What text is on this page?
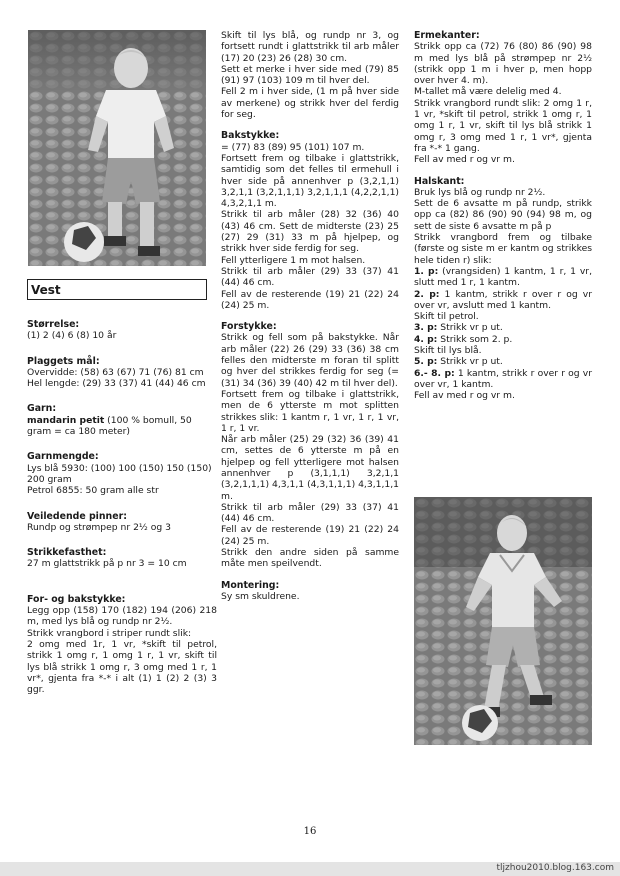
Vest
Størrelse:

(1) 2 (4) 6 (8) 10 år

Plaggets mål:

Overvidde: (58) 63 (67) 71 (76) 81 cm

Hel lengde: (29) 33 (37) 41 (44) 46 cm

Garn:

mandarin petit (100 % bomull, 50 gram = ca 180 meter)

Garnmengde:

Lys blå 5930: (100) 100 (150) 150 (150) 200 gram

Petrol 6855: 50 gram alle str

Veiledende pinner:

Rundp og strømpep nr 2½ og 3

Strikkefasthet:

27 m glattstrikk på p nr 3 = 10 cm

For- og bakstykke:

Legg opp (158) 170 (182) 194 (206) 218 m, med lys blå og rundp nr 2½.

Strikk vrangbord i striper rundt slik:

2 omg med 1r, 1 vr, *skift til petrol, strikk 1 omg r, 1 omg 1 r, 1 vr, skift til lys blå strikk 1 omg r, 3 omg med 1 r, 1 vr*, gjenta fra *-* i alt (1) 1 (2) 2 (3) 3 ggr.

Skift til lys blå, og rundp nr 3, og fortsett rundt i glattstrikk til arb måler (17) 20 (23) 26 (28) 30 cm.

Sett et merke i hver side med (79) 85 (91) 97 (103) 109 m til hver del.

Fell 2 m i hver side, (1 m på hver side av merkene) og strikk hver del ferdig for seg.

Bakstykke:

= (77) 83 (89) 95 (101) 107 m.

Fortsett frem og tilbake i glattstrikk, samtidig som det felles til ermehull i hver side på annenhver p (3,2,1,1) 3,2,1,1 (3,2,1,1,1) 3,2,1,1,1 (4,2,2,1,1) 4,3,2,1,1 m.

Strikk til arb måler (28) 32 (36) 40 (43) 46 cm. Sett de midterste (23) 25 (27) 29 (31) 33 m på hjelpep, og strikk hver side ferdig for seg.

Fell ytterligere 1 m mot halsen.

Strikk til arb måler (29) 33 (37) 41 (44) 46 cm.

Fell av de resterende (19) 21 (22) 24 (24) 25 m.

Forstykke:

Strikk og fell som på bakstykke. Når arb måler (22) 26 (29) 33 (36) 38 cm felles den midterste m foran til splitt og hver del strikkes ferdig for seg (= (31) 34 (36) 39 (40) 42 m til hver del).

Fortsett frem og tilbake i glattstrikk, men de 6 ytterste m mot splitten strikkes slik: 1 kantm r, 1 vr, 1 r, 1 vr, 1 r, 1 vr.

Når arb måler (25) 29 (32) 36 (39) 41 cm, settes de 6 ytterste m på en hjelpep og fell ytterligere mot halsen annenhver p (3,1,1,1) 3,2,1,1 (3,2,1,1,1) 4,3,1,1 (4,3,1,1,1) 4,3,1,1,1 m.

Strikk til arb måler (29) 33 (37) 41 (44) 46 cm.

Fell av de resterende (19) 21 (22) 24 (24) 25 m.

Strikk den andre siden på samme måte men speilvendt.

Montering:

Sy sm skuldrene.

Ermekanter:

Strikk opp ca (72) 76 (80) 86 (90) 98 m med lys blå på strømpep nr 2½ (strikk opp 1 m i hver p, men hopp over hver 4. m).

M-tallet må være delelig med 4.

Strikk vrangbord rundt slik: 2 omg 1 r, 1 vr, *skift til petrol, strikk 1 omg r, 1 omg 1 r, 1 vr, skift til lys blå strikk 1 omg r, 3 omg med 1 r, 1 vr*, gjenta fra *-* 1 gang.

Fell av med r og vr m.

Halskant:

Bruk lys blå og rundp nr 2½.

Sett de 6 avsatte m på rundp, strikk opp ca (82) 86 (90) 90 (94) 98 m, og sett de siste 6 avsatte m på p

Strikk vrangbord frem og tilbake (første og siste m er kantm og strikkes hele tiden r) slik:

1. p: (vrangsiden) 1 kantm, 1 r, 1 vr, slutt med 1 r, 1 kantm.

2. p: 1 kantm, strikk r over r og vr over vr, avslutt med 1 kantm.

Skift til petrol.

3. p: Strikk vr p ut.

4. p: Strikk som 2. p.

Skift til lys blå.

5. p: Strikk vr p ut.

6.- 8. p: 1 kantm, strikk r over r og vr over vr, 1 kantm.

Fell av med r og vr m.

16
tljzhou2010.blog.163.com
